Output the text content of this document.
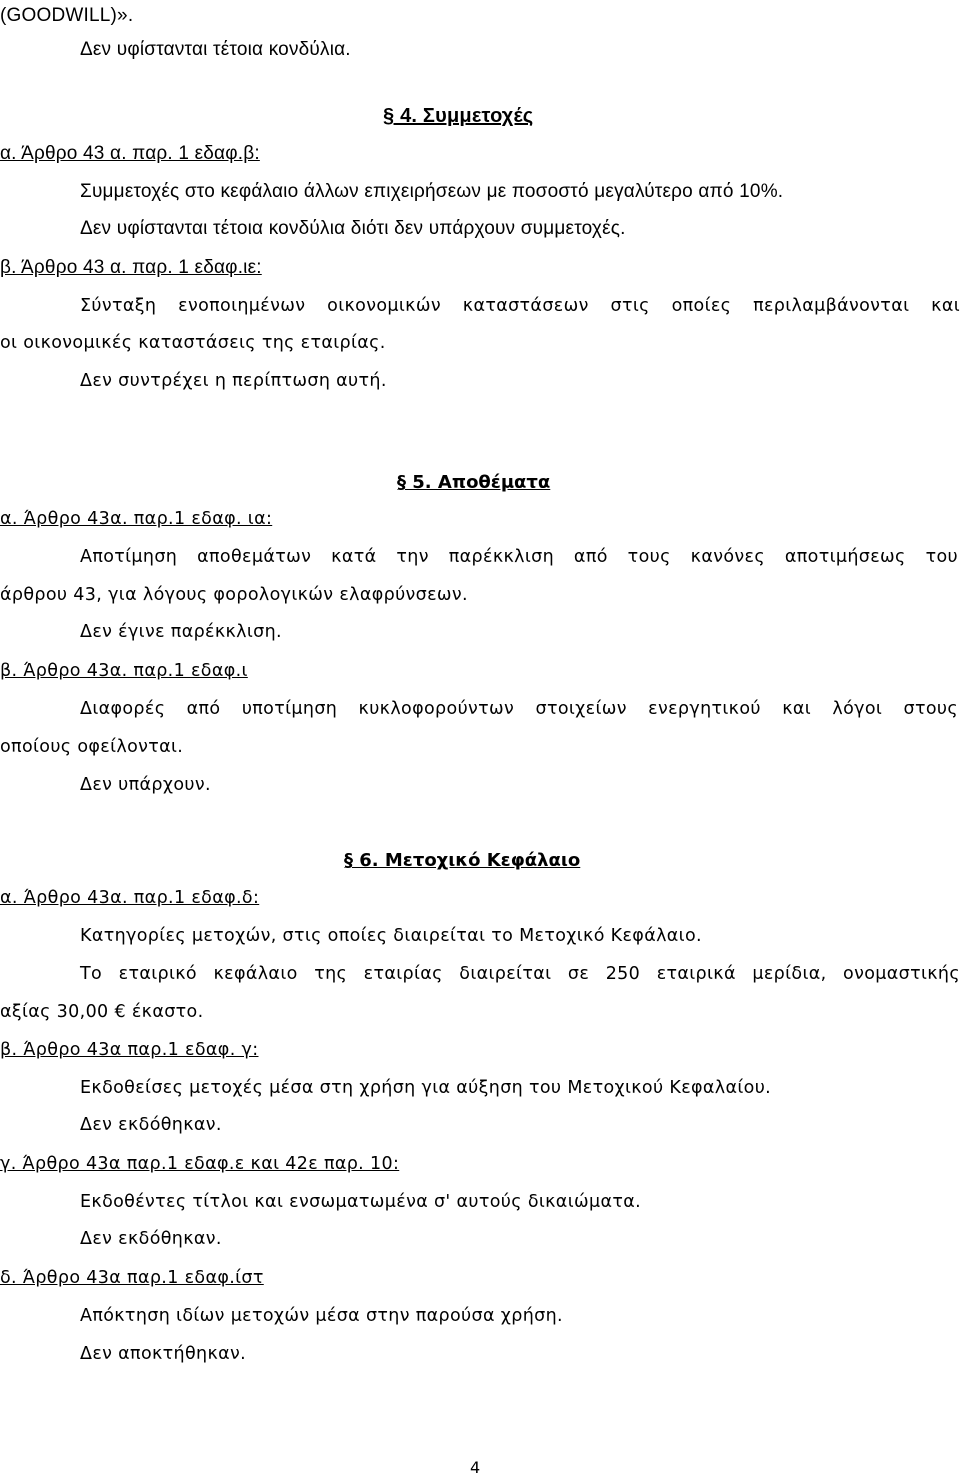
(GOODWILL)».
Δεν υφίστανται τέτοια κονδύλια.
§ 4. Συμμετοχές
α. Άρθρο 43 α. παρ. 1 εδαφ.β:
Συμμετοχές στο κεφάλαιο άλλων επιχειρήσεων με ποσοστό μεγαλύτερο από 10%.
Δεν υφίστανται τέτοια κονδύλια διότι δεν υπάρχουν συμμετοχές.
β. Άρθρο 43 α. παρ. 1 εδαφ.ιε:
Σύνταξη ενοποιημένων οικονομικών καταστάσεων στις οποίες περιλαμβάνονται και
οι οικονομικές καταστάσεις της εταιρίας.
Δεν συντρέχει η περίπτωση αυτή.
§ 5. Αποθέματα
α. Άρθρο 43α. παρ.1 εδαφ. ια:
Αποτίμηση αποθεμάτων κατά την παρέκκλιση από τους κανόνες αποτιμήσεως του
άρθρου 43, για λόγους φορολογικών ελαφρύνσεων.
Δεν έγινε παρέκκλιση.
β. Άρθρο 43α. παρ.1 εδαφ.ι
Διαφορές από υποτίμηση κυκλοφορούντων στοιχείων ενεργητικού και λόγοι στους
οποίους οφείλονται.
Δεν υπάρχουν.
§ 6. Μετοχικό Κεφάλαιο
α. Άρθρο 43α. παρ.1 εδαφ.δ:
Κατηγορίες μετοχών, στις οποίες διαιρείται το Μετοχικό Κεφάλαιο.
Το εταιρικό κεφάλαιο της εταιρίας διαιρείται σε 250 εταιρικά μερίδια, ονομαστικής
αξίας 30,00 € έκαστο.
β. Άρθρο 43α παρ.1 εδαφ. γ:
Εκδοθείσες μετοχές μέσα στη χρήση για αύξηση του Μετοχικού Κεφαλαίου.
Δεν εκδόθηκαν.
γ. Άρθρο 43α παρ.1 εδαφ.ε και 42ε παρ. 10:
Εκδοθέντες τίτλοι και ενσωματωμένα σ' αυτούς δικαιώματα.
Δεν εκδόθηκαν.
δ. Άρθρο 43α παρ.1 εδαφ.ίστ
Απόκτηση ιδίων μετοχών μέσα στην παρούσα χρήση.
Δεν αποκτήθηκαν.
4
